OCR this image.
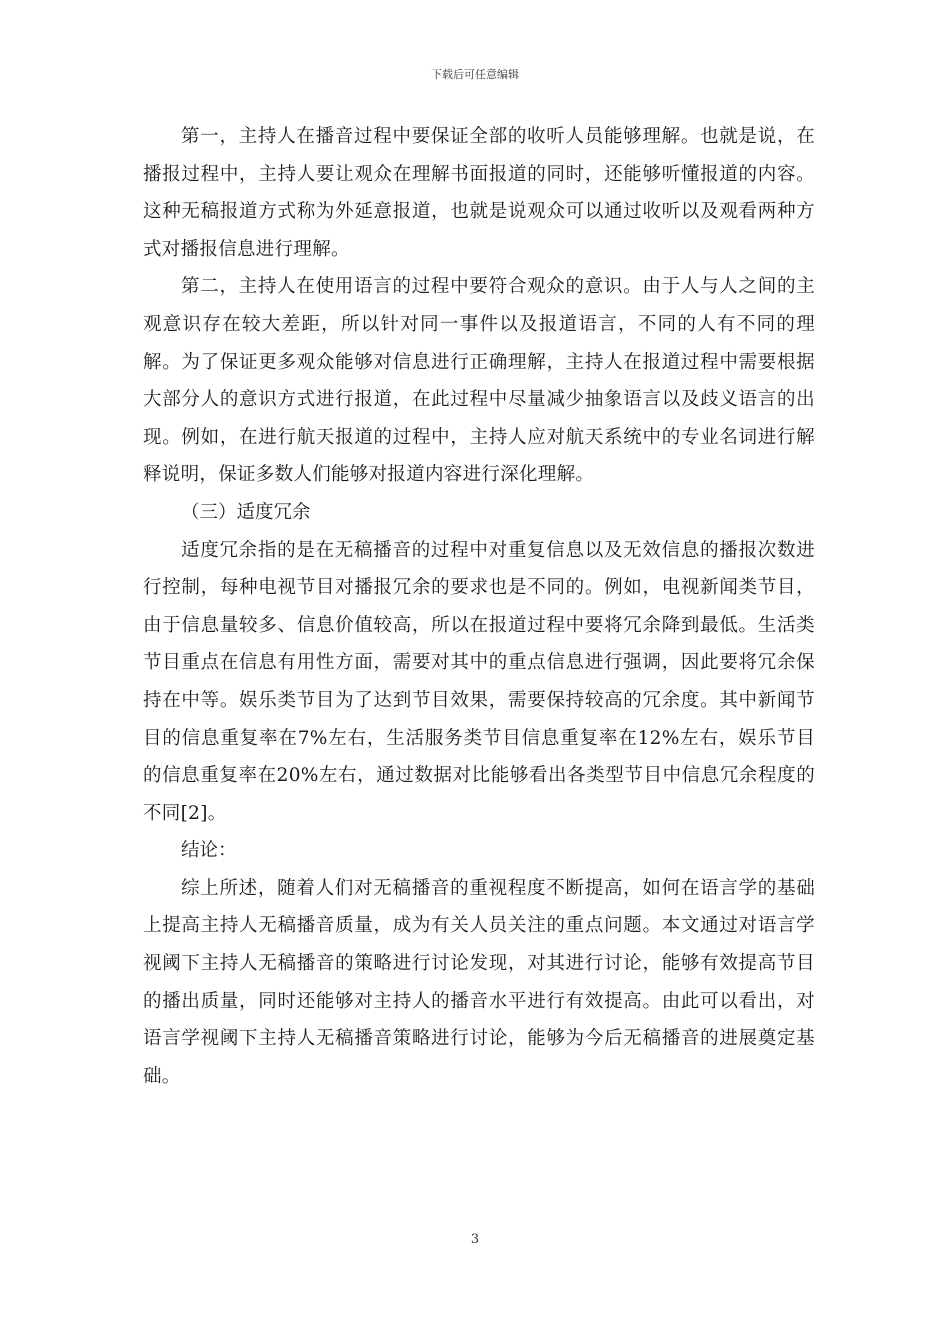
下载后可任意编辑

第一，主持人在播音过程中要保证全部的收听人员能够理解。也就是说，在播报过程中，主持人要让观众在理解书面报道的同时，还能够听懂报道的内容。这种无稿报道方式称为外延意报道，也就是说观众可以通过收听以及观看两种方式对播报信息进行理解。

第二，主持人在使用语言的过程中要符合观众的意识。由于人与人之间的主观意识存在较大差距，所以针对同一事件以及报道语言，不同的人有不同的理解。为了保证更多观众能够对信息进行正确理解，主持人在报道过程中需要根据大部分人的意识方式进行报道，在此过程中尽量减少抽象语言以及歧义语言的出现。例如，在进行航天报道的过程中，主持人应对航天系统中的专业名词进行解释说明，保证多数人们能够对报道内容进行深化理解。

（三）适度冗余

适度冗余指的是在无稿播音的过程中对重复信息以及无效信息的播报次数进行控制，每种电视节目对播报冗余的要求也是不同的。例如，电视新闻类节目，由于信息量较多、信息价值较高，所以在报道过程中要将冗余降到最低。生活类节目重点在信息有用性方面，需要对其中的重点信息进行强调，因此要将冗余保持在中等。娱乐类节目为了达到节目效果，需要保持较高的冗余度。其中新闻节目的信息重复率在7%左右，生活服务类节目信息重复率在12%左右，娱乐节目的信息重复率在20%左右，通过数据对比能够看出各类型节目中信息冗余程度的不同[2]。

结论：

综上所述，随着人们对无稿播音的重视程度不断提高，如何在语言学的基础上提高主持人无稿播音质量，成为有关人员关注的重点问题。本文通过对语言学视阈下主持人无稿播音的策略进行讨论发现，对其进行讨论，能够有效提高节目的播出质量，同时还能够对主持人的播音水平进行有效提高。由此可以看出，对语言学视阈下主持人无稿播音策略进行讨论，能够为今后无稿播音的进展奠定基础。

3
